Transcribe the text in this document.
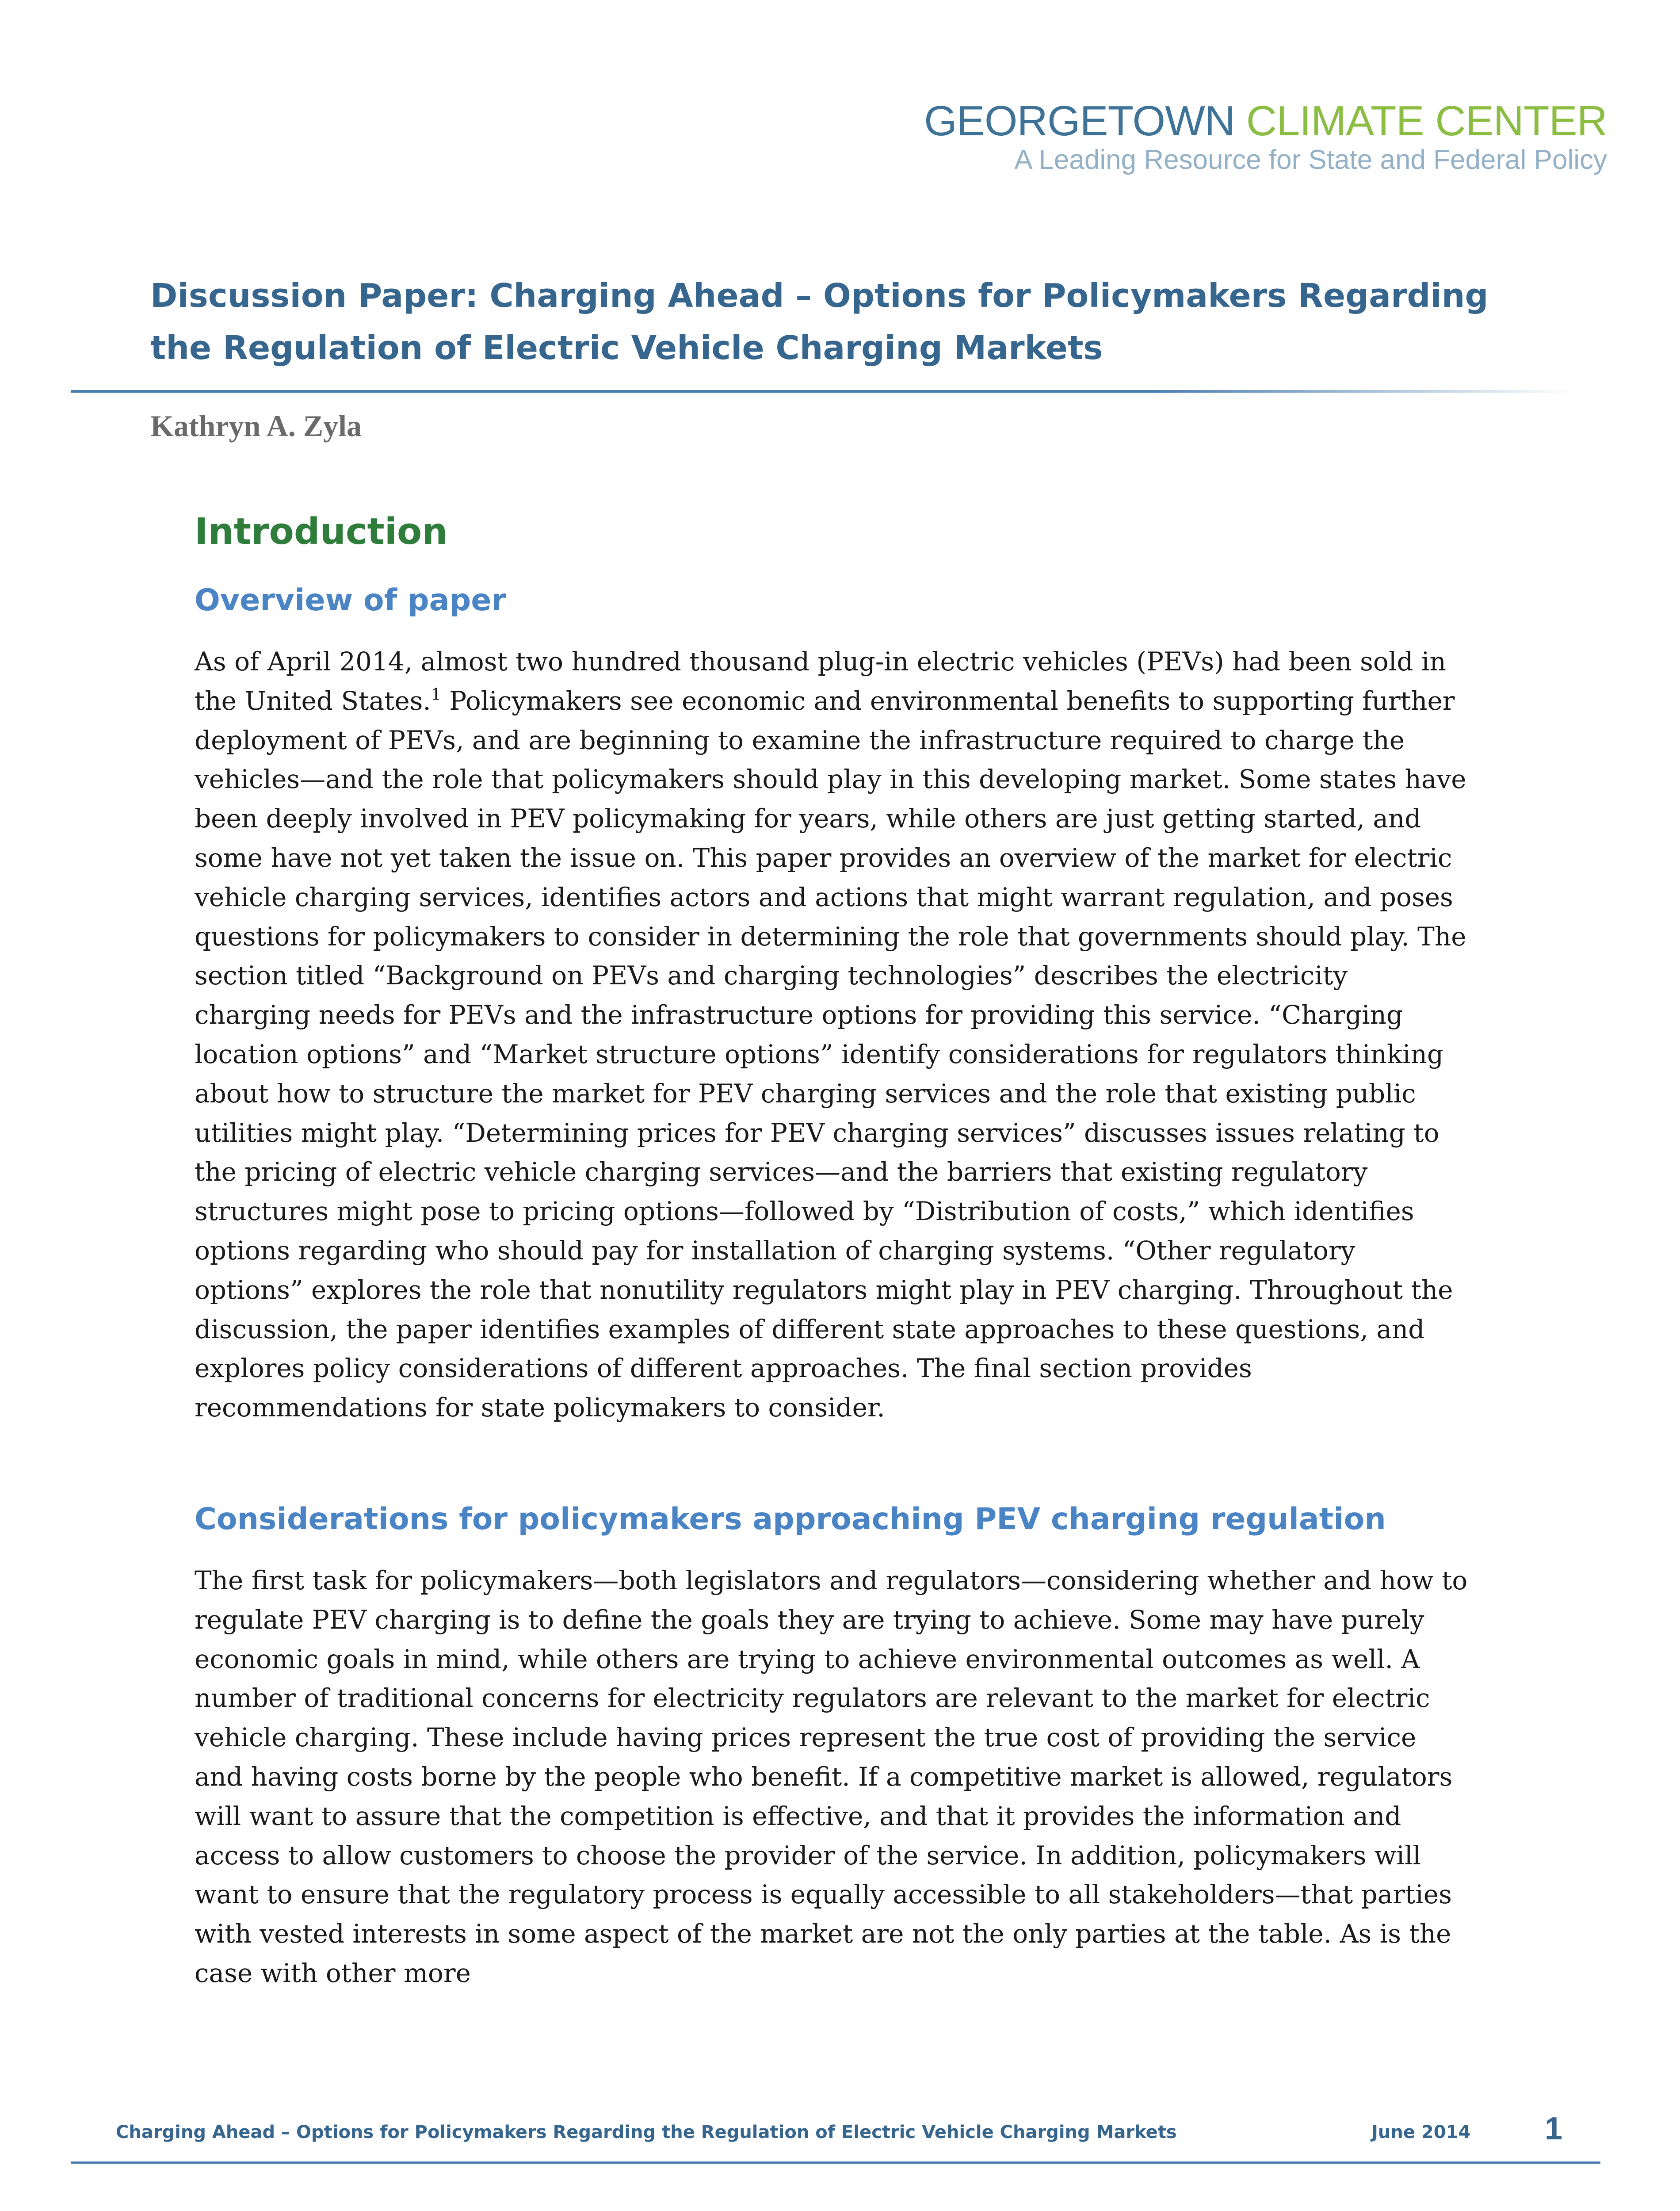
GEORGETOWN CLIMATE CENTER
A Leading Resource for State and Federal Policy
Discussion Paper: Charging Ahead – Options for Policymakers Regarding
the Regulation of Electric Vehicle Charging Markets

Kathryn A. Zyla

Introduction
Overview of paper

As of April 2014, almost two hundred thousand plug-in electric vehicles (PEVs) had been sold in the United States.$^1$ Policymakers see economic and environmental benefits to supporting further deployment of PEVs, and are beginning to examine the infrastructure required to charge the vehicles—and the role that policymakers should play in this developing market. Some states have been deeply involved in PEV policymaking for years, while others are just getting started, and some have not yet taken the issue on. This paper provides an overview of the market for electric vehicle charging services, identifies actors and actions that might warrant regulation, and poses questions for policymakers to consider in determining the role that governments should play. The section titled “Background on PEVs and charging technologies” describes the electricity charging needs for PEVs and the infrastructure options for providing this service. “Charging location options” and “Market structure options” identify considerations for regulators thinking about how to structure the market for PEV charging services and the role that existing public utilities might play. “Determining prices for PEV charging services” discusses issues relating to the pricing of electric vehicle charging services—and the barriers that existing regulatory structures might pose to pricing options—followed by “Distribution of costs,” which identifies options regarding who should pay for installation of charging systems. “Other regulatory options” explores the role that nonutility regulators might play in PEV charging. Throughout the discussion, the paper identifies examples of different state approaches to these questions, and explores policy considerations of different approaches. The final section provides recommendations for state policymakers to consider.

Considerations for policymakers approaching PEV charging regulation

The first task for policymakers—both legislators and regulators—considering whether and how to regulate PEV charging is to define the goals they are trying to achieve. Some may have purely economic goals in mind, while others are trying to achieve environmental outcomes as well. A number of traditional concerns for electricity regulators are relevant to the market for electric vehicle charging. These include having prices represent the true cost of providing the service and having costs borne by the people who benefit. If a competitive market is allowed, regulators will want to assure that the competition is effective, and that it provides the information and access to allow customers to choose the provider of the service. In addition, policymakers will want to ensure that the regulatory process is equally accessible to all stakeholders—that parties with vested interests in some aspect of the market are not the only parties at the table. As is the case with other more

Charging Ahead – Options for Policymakers Regarding the Regulation of Electric Vehicle Charging Markets	June 2014 1
